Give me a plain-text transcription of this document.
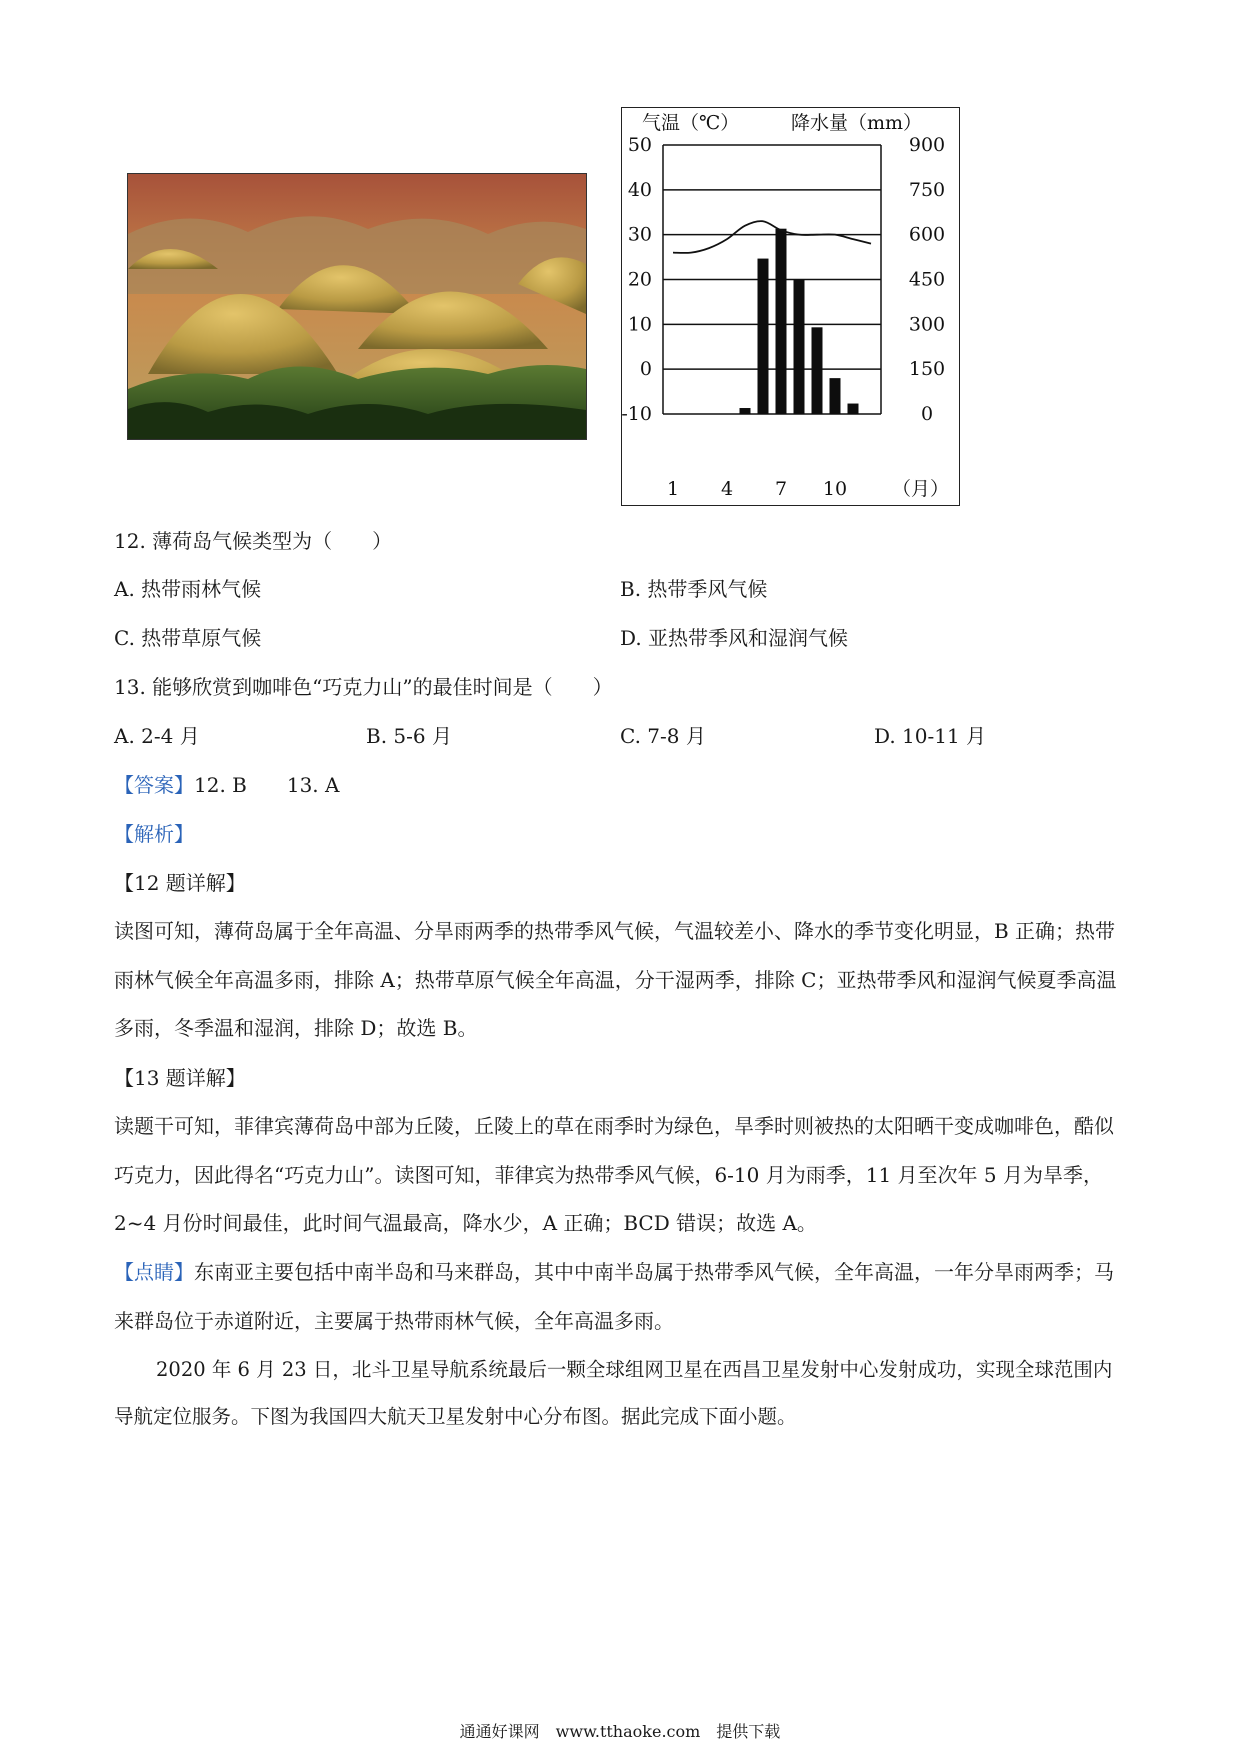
气温（℃）	降水量（mm）
50
40
30
20
10
0
-10
900
750
600
450
300
150
0
1 4 7 10 （月）
12. 薄荷岛气候类型为（　　）
A. 热带雨林气候	B. 热带季风气候
C. 热带草原气候	D. 亚热带季风和湿润气候
13. 能够欣赏到咖啡色“巧克力山”的最佳时间是（　　）
A. 2-4 月	B. 5-6 月	C. 7-8 月	D. 10-11 月
【答案】12. B　　13. A
【解析】
【12 题详解】
读图可知，薄荷岛属于全年高温、分旱雨两季的热带季风气候，气温较差小、降水的季节变化明显，B 正确；热带雨林气候全年高温多雨，排除 A；热带草原气候全年高温，分干湿两季，排除 C；亚热带季风和湿润气候夏季高温多雨，冬季温和湿润，排除 D；故选 B。
【13 题详解】
读题干可知，菲律宾薄荷岛中部为丘陵，丘陵上的草在雨季时为绿色，旱季时则被热的太阳晒干变成咖啡色，酷似巧克力，因此得名“巧克力山”。读图可知，菲律宾为热带季风气候，6-10 月为雨季，11 月至次年 5 月为旱季，2~4 月份时间最佳，此时间气温最高，降水少，A 正确；BCD 错误；故选 A。
【点睛】东南亚主要包括中南半岛和马来群岛，其中中南半岛属于热带季风气候，全年高温，一年分旱雨两季；马来群岛位于赤道附近，主要属于热带雨林气候，全年高温多雨。
2020 年 6 月 23 日，北斗卫星导航系统最后一颗全球组网卫星在西昌卫星发射中心发射成功，实现全球范围内导航定位服务。下图为我国四大航天卫星发射中心分布图。据此完成下面小题。
通通好课网　www.tthaoke.com　提供下载
